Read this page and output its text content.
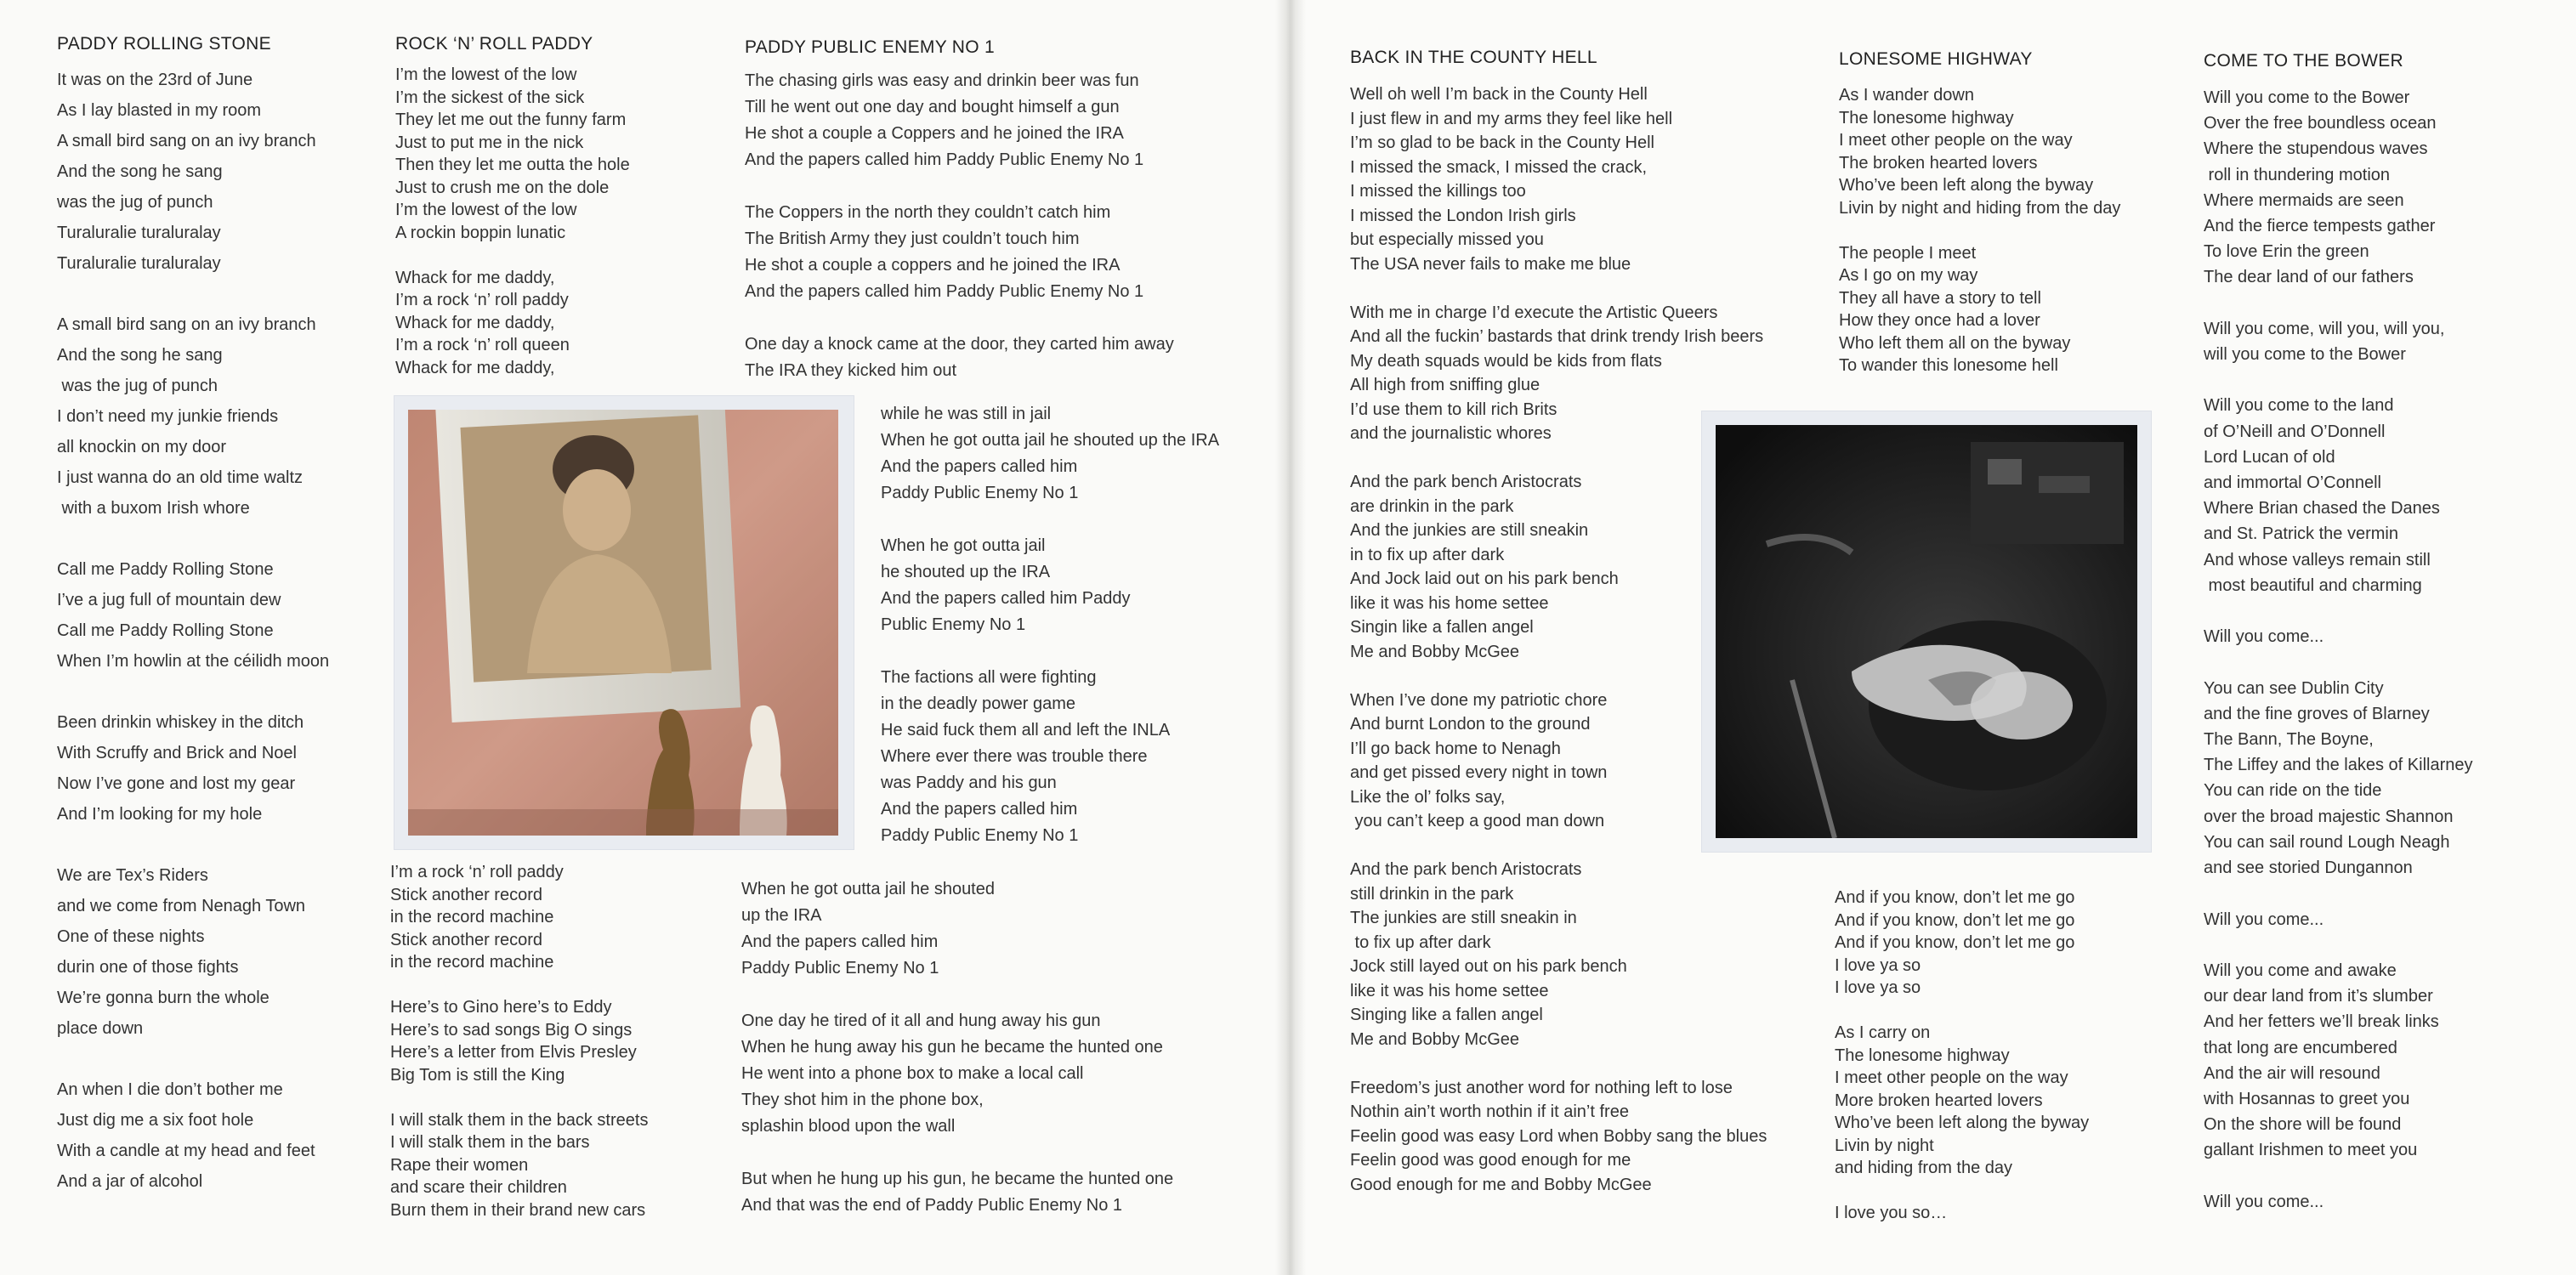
PADDY ROLLING STONE
It was on the 23rd of June
As I lay blasted in my room
A small bird sang on an ivy branch
And the song he sang
was the jug of punch
Turaluralie turaluralay
Turaluralie turaluralay

A small bird sang on an ivy branch
And the song he sang
was the jug of punch
I don’t need my junkie friends
all knockin on my door
I just wanna do an old time waltz
with a buxom Irish whore

Call me Paddy Rolling Stone
I’ve a jug full of mountain dew
Call me Paddy Rolling Stone
When I’m howlin at the céilidh moon

Been drinkin whiskey in the ditch
With Scruffy and Brick and Noel
Now I’ve gone and lost my gear
And I’m looking for my hole

We are Tex’s Riders
and we come from Nenagh Town
One of these nights
durin one of those fights
We’re gonna burn the whole
place down

An when I die don’t bother me
Just dig me a six foot hole
With a candle at my head and feet
And a jar of alcohol
ROCK ‘N’ ROLL PADDY
I’m the lowest of the low
I’m the sickest of the sick
They let me out the funny farm
Just to put me in the nick
Then they let me outta the hole
Just to crush me on the dole
I’m the lowest of the low
A rockin boppin lunatic

Whack for me daddy,
I’m a rock ‘n’ roll paddy
Whack for me daddy,
I’m a rock ‘n’ roll queen
Whack for me daddy,
I’m a rock ‘n’ roll paddy
Stick another record
in the record machine
Stick another record
in the record machine

Here’s to Gino here’s to Eddy
Here’s to sad songs Big O sings
Here’s a letter from Elvis Presley
Big Tom is still the King

I will stalk them in the back streets
I will stalk them in the bars
Rape their women
and scare their children
Burn them in their brand new cars
PADDY PUBLIC ENEMY NO 1
The chasing girls was easy and drinkin beer was fun
Till he went out one day and bought himself a gun
He shot a couple a Coppers and he joined the IRA
And the papers called him Paddy Public Enemy No 1

The Coppers in the north they couldn’t catch him
The British Army they just couldn’t touch him
He shot a couple a coppers and he joined the IRA
And the papers called him Paddy Public Enemy No 1

One day a knock came at the door, they carted him away
The IRA they kicked him out
while he was still in jail
When he got outta jail he shouted up the IRA
And the papers called him
Paddy Public Enemy No 1

When he got outta jail
he shouted up the IRA
And the papers called him Paddy
Public Enemy No 1

The factions all were fighting
in the deadly power game
He said fuck them all and left the INLA
Where ever there was trouble there
was Paddy and his gun
And the papers called him
Paddy Public Enemy No 1
When he got outta jail he shouted
up the IRA
And the papers called him
Paddy Public Enemy No 1

One day he tired of it all and hung away his gun
When he hung away his gun he became the hunted one
He went into a phone box to make a local call
They shot him in the phone box,
splashin blood upon the wall

But when he hung up his gun, he became the hunted one
And that was the end of Paddy Public Enemy No 1
BACK IN THE COUNTY HELL
Well oh well I’m back in the County Hell
I just flew in and my arms they feel like hell
I’m so glad to be back in the County Hell
I missed the smack, I missed the crack,
I missed the killings too
I missed the London Irish girls
but especially missed you
The USA never fails to make me blue

With me in charge I’d execute the Artistic Queers
And all the fuckin’ bastards that drink trendy Irish beers
My death squads would be kids from flats
All high from sniffing glue
I’d use them to kill rich Brits
and the journalistic whores

And the park bench Aristocrats
are drinkin in the park
And the junkies are still sneakin
in to fix up after dark
And Jock laid out on his park bench
like it was his home settee
Singin like a fallen angel
Me and Bobby McGee

When I’ve done my patriotic chore
And burnt London to the ground
I’ll go back home to Nenagh
and get pissed every night in town
Like the ol’ folks say,
you can’t keep a good man down

And the park bench Aristocrats
still drinkin in the park
The junkies are still sneakin in
to fix up after dark
Jock still layed out on his park bench
like it was his home settee
Singing like a fallen angel
Me and Bobby McGee

Freedom’s just another word for nothing left to lose
Nothin ain’t worth nothin if it ain’t free
Feelin good was easy Lord when Bobby sang the blues
Feelin good was good enough for me
Good enough for me and Bobby McGee
LONESOME HIGHWAY
As I wander down
The lonesome highway
I meet other people on the way
The broken hearted lovers
Who’ve been left along the byway
Livin by night and hiding from the day

The people I meet
As I go on my way
They all have a story to tell
How they once had a lover
Who left them all on the byway
To wander this lonesome hell
And if you know, don’t let me go
And if you know, don’t let me go
And if you know, don’t let me go
I love ya so
I love ya so

As I carry on
The lonesome highway
I meet other people on the way
More broken hearted lovers
Who’ve been left along the byway
Livin by night
and hiding from the day

I love you so…
COME TO THE BOWER
Will you come to the Bower
Over the free boundless ocean
Where the stupendous waves
roll in thundering motion
Where mermaids are seen
And the fierce tempests gather
To love Erin the green
The dear land of our fathers

Will you come, will you, will you,
will you come to the Bower

Will you come to the land
of O’Neill and O’Donnell
Lord Lucan of old
and immortal O’Connell
Where Brian chased the Danes
and St. Patrick the vermin
And whose valleys remain still
most beautiful and charming

Will you come...

You can see Dublin City
and the fine groves of Blarney
The Bann, The Boyne,
The Liffey and the lakes of Killarney
You can ride on the tide
over the broad majestic Shannon
You can sail round Lough Neagh
and see storied Dungannon

Will you come...

Will you come and awake
our dear land from it’s slumber
And her fetters we’ll break links
that long are encumbered
And the air will resound
with Hosannas to greet you
On the shore will be found
gallant Irishmen to meet you

Will you come...
